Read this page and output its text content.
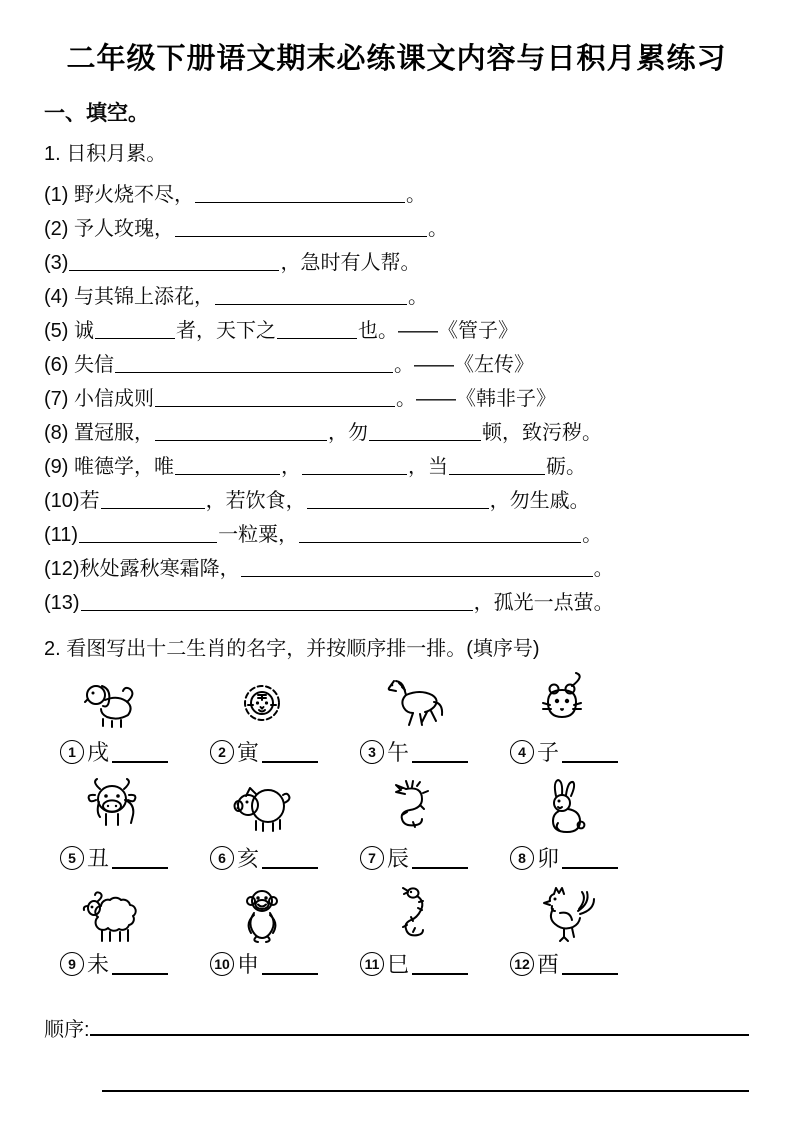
二年级下册语文期末必练课文内容与日积月累练习
一、填空。
1. 日积月累。
(1) 野火烧不尽，	。
(2) 予人玫瑰，	。
(3)	，急时有人帮。
(4) 与其锦上添花，	。
(5) 诚	者，天下之	也。——《管子》
(6) 失信	。——《左传》
(7) 小信成则	。——《韩非子》
(8) 置冠服，	，勿	顿，致污秽。
(9) 唯德学，唯	，	，当	砺。
(10)若	，若饮食，	，勿生戚。
(11)	一粒粟，	。
(12)秋处露秋寒霜降，	。
(13)	，孤光一点萤。
2. 看图写出十二生肖的名字，并按顺序排一排。(填序号)
1 戌	2 寅	3 午	4 子
5 丑	6 亥	7 辰	8 卯
9 未	10 申	11 巳	12 酉
顺序:
